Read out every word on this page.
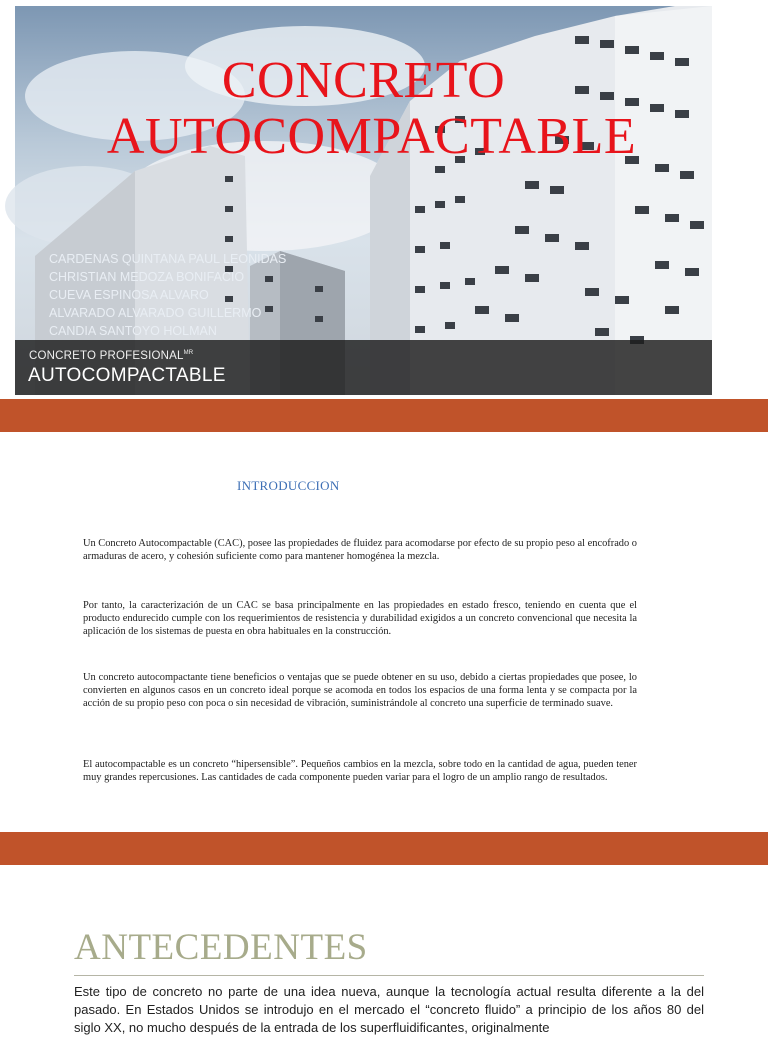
CONCRETO
AUTOCOMPACTABLE
CARDENAS QUINTANA PAUL LEONIDAS
CHRISTIAN MEDOZA BONIFACIO
CUEVA ESPINOSA ALVARO
ALVARADO ALVARADO GUILLERMO
CANDIA SANTOYO HOLMAN
CONCRETO $PROFESIONAL^{MR}$
AUTOCOMPACTABLE
INTRODUCCION

Un Concreto Autocompactable (CAC), posee las propiedades de fluidez para acomodarse por efecto de su propio peso al encofrado o armaduras de acero, y cohesión suficiente como para mantener homogénea la mezcla.

Por tanto, la caracterización de un CAC se basa principalmente en las propiedades en estado fresco, teniendo en cuenta que el producto endurecido cumple con los requerimientos de resistencia y durabilidad exigidos a un concreto convencional que necesita la aplicación de los sistemas de puesta en obra habituales en la construcción.

Un concreto autocompactante tiene beneficios o ventajas que se puede obtener en su uso, debido a ciertas propiedades que posee, lo convierten en algunos casos en un concreto ideal porque se acomoda en todos los espacios de una forma lenta y se compacta por la acción de su propio peso con poca o sin necesidad de vibración, suministrándole al concreto una superficie de terminado suave.

El autocompactable es un concreto “hipersensible”. Pequeños cambios en la mezcla, sobre todo en la cantidad de agua, pueden tener muy grandes repercusiones. Las cantidades de cada componente pueden variar para el logro de un amplio rango de resultados.

ANTECEDENTES

Este tipo de concreto no parte de una idea nueva, aunque la tecnología actual resulta diferente a la del pasado. En Estados Unidos se introdujo en el mercado el “concreto fluido” a principio de los años 80 del siglo XX, no mucho después de la entrada de los superfluidificantes, originalmente
